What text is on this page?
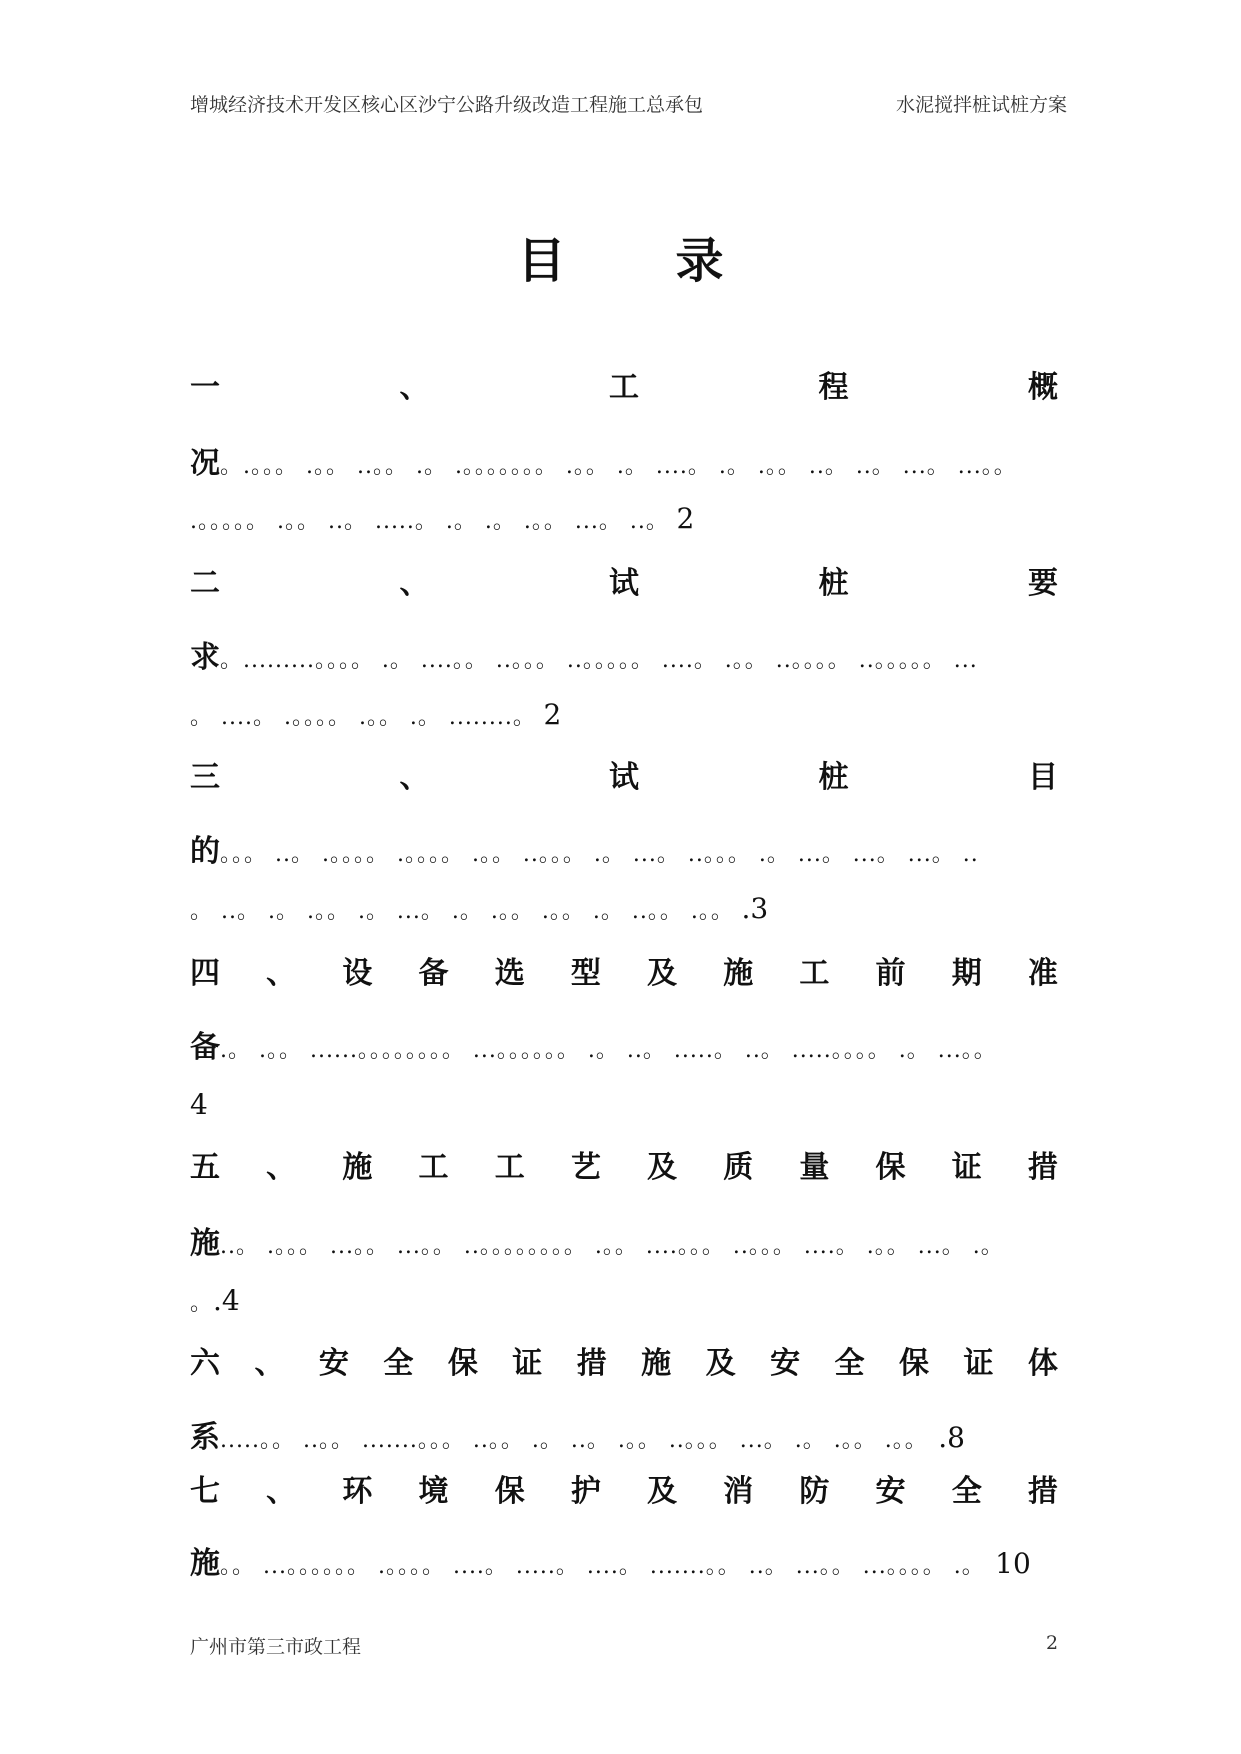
增城经济技术开发区核心区沙宁公路升级改造工程施工总承包	水泥搅拌桩试桩方案
目 录
一	、	工	程	概
况。.。。。 .。。 ..。。 .。 .。。。。。。。 .。。 .。 ....。 .。 .。。 ..。 ..。 ...。 ...。。
.。。。。。 .。。 ..。 .....。 .。 .。 .。。 ...。 ..。 2
二	、	试	桩	要
求。.........。。。。 .。 ....。。 ..。。。 ..。。。。。 ....。 .。。 ..。。。。 ..。。。。。 ...
。 ....。 .。。。。 .。。 .。 ........。 2
三	、	试	桩	目
的。。。 ..。 .。。。。 .。。。。 .。。 ..。。。 .。 ...。 ..。。。 .。 ...。 ...。 ...。 ..
。 ..。 .。 .。。 .。 ...。 .。 .。。 .。。 .。 ..。。 .。。 .3
四 、 设 备 选 型 及 施 工 前 期 准
备.。 .。。 ......。。。。。。。。 ...。。。。。。 .。 ..。 .....。 ..。 .....。。。。 .。 ...。。
4
五 、 施 工 工 艺 及 质 量 保 证 措
施..。 .。。。 ...。。 ...。。 ..。。。。。。。。 .。。 ....。。。 ..。。。 ....。 .。。 ...。 .。
。.4
六 、 安 全 保 证 措 施 及 安 全 保 证 体
系.....。。 ..。。 .......。。。 ..。。 .。 ..。 .。。 ..。。。 ...。 .。 .。。 .。。 .8
七 、 环 境 保 护 及 消 防 安 全 措
施。。 ...。。。。。。 .。。。。 ....。 .....。 ....。 .......。。 ..。 ...。。 ...。。。。 .。 10
广州市第三市政工程	2
